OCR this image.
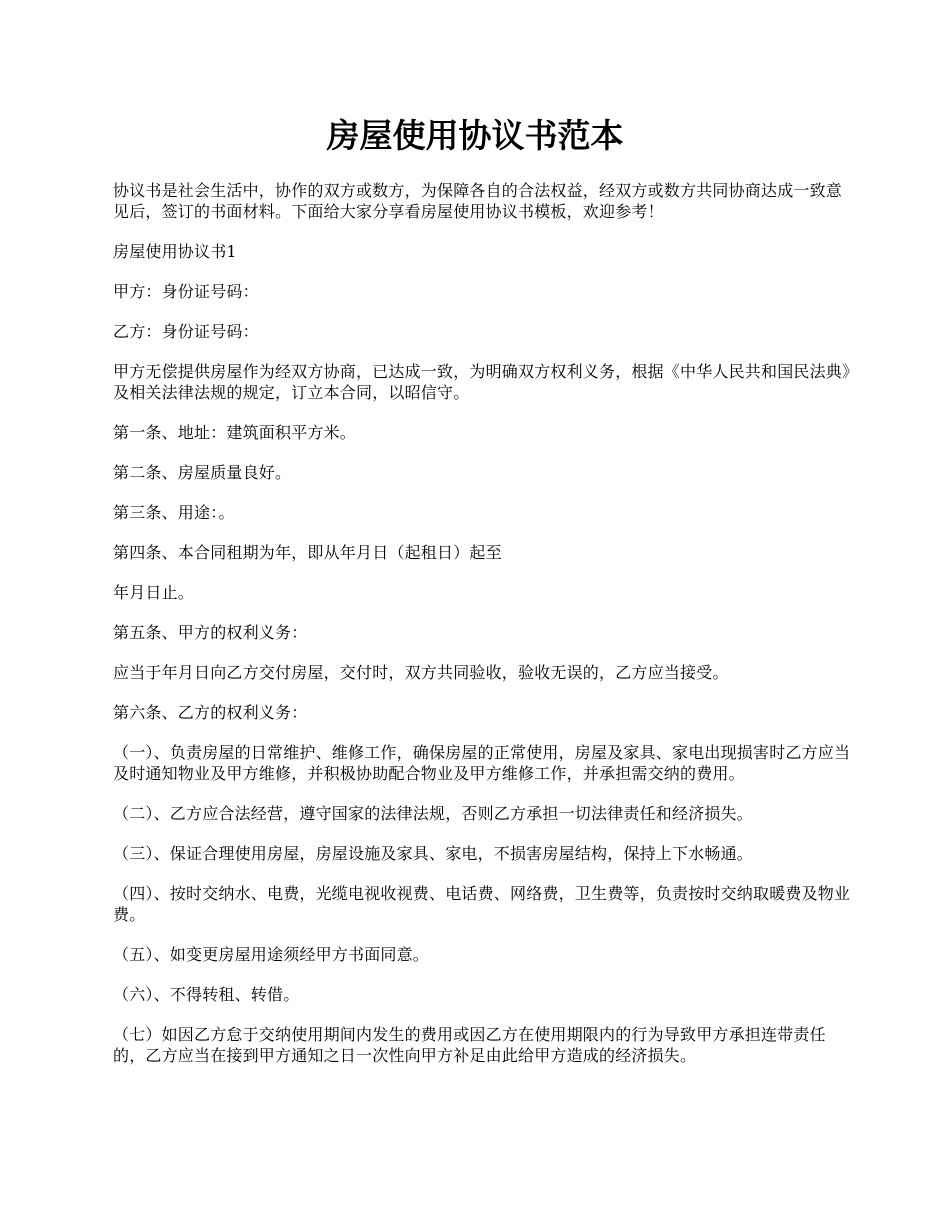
房屋使用协议书范本

协议书是社会生活中，协作的双方或数方，为保障各自的合法权益，经双方或数方共同协商达成一致意见后，签订的书面材料。下面给大家分享看房屋使用协议书模板，欢迎参考！

房屋使用协议书1

甲方：身份证号码：

乙方：身份证号码：

甲方无偿提供房屋作为经双方协商，已达成一致，为明确双方权利义务，根据《中华人民共和国民法典》及相关法律法规的规定，订立本合同，以昭信守。

第一条、地址：建筑面积平方米。

第二条、房屋质量良好。

第三条、用途：。

第四条、本合同租期为年，即从年月日（起租日）起至

年月日止。

第五条、甲方的权利义务：

应当于年月日向乙方交付房屋，交付时，双方共同验收，验收无误的，乙方应当接受。

第六条、乙方的权利义务：

（一）、负责房屋的日常维护、维修工作，确保房屋的正常使用，房屋及家具、家电出现损害时乙方应当及时通知物业及甲方维修，并积极协助配合物业及甲方维修工作，并承担需交纳的费用。

（二）、乙方应合法经营，遵守国家的法律法规，否则乙方承担一切法律责任和经济损失。

（三）、保证合理使用房屋，房屋设施及家具、家电，不损害房屋结构，保持上下水畅通。

（四）、按时交纳水、电费，光缆电视收视费、电话费、网络费，卫生费等，负责按时交纳取暖费及物业费。

（五）、如变更房屋用途须经甲方书面同意。

（六）、不得转租、转借。

（七）如因乙方怠于交纳使用期间内发生的费用或因乙方在使用期限内的行为导致甲方承担连带责任的，乙方应当在接到甲方通知之日一次性向甲方补足由此给甲方造成的经济损失。
